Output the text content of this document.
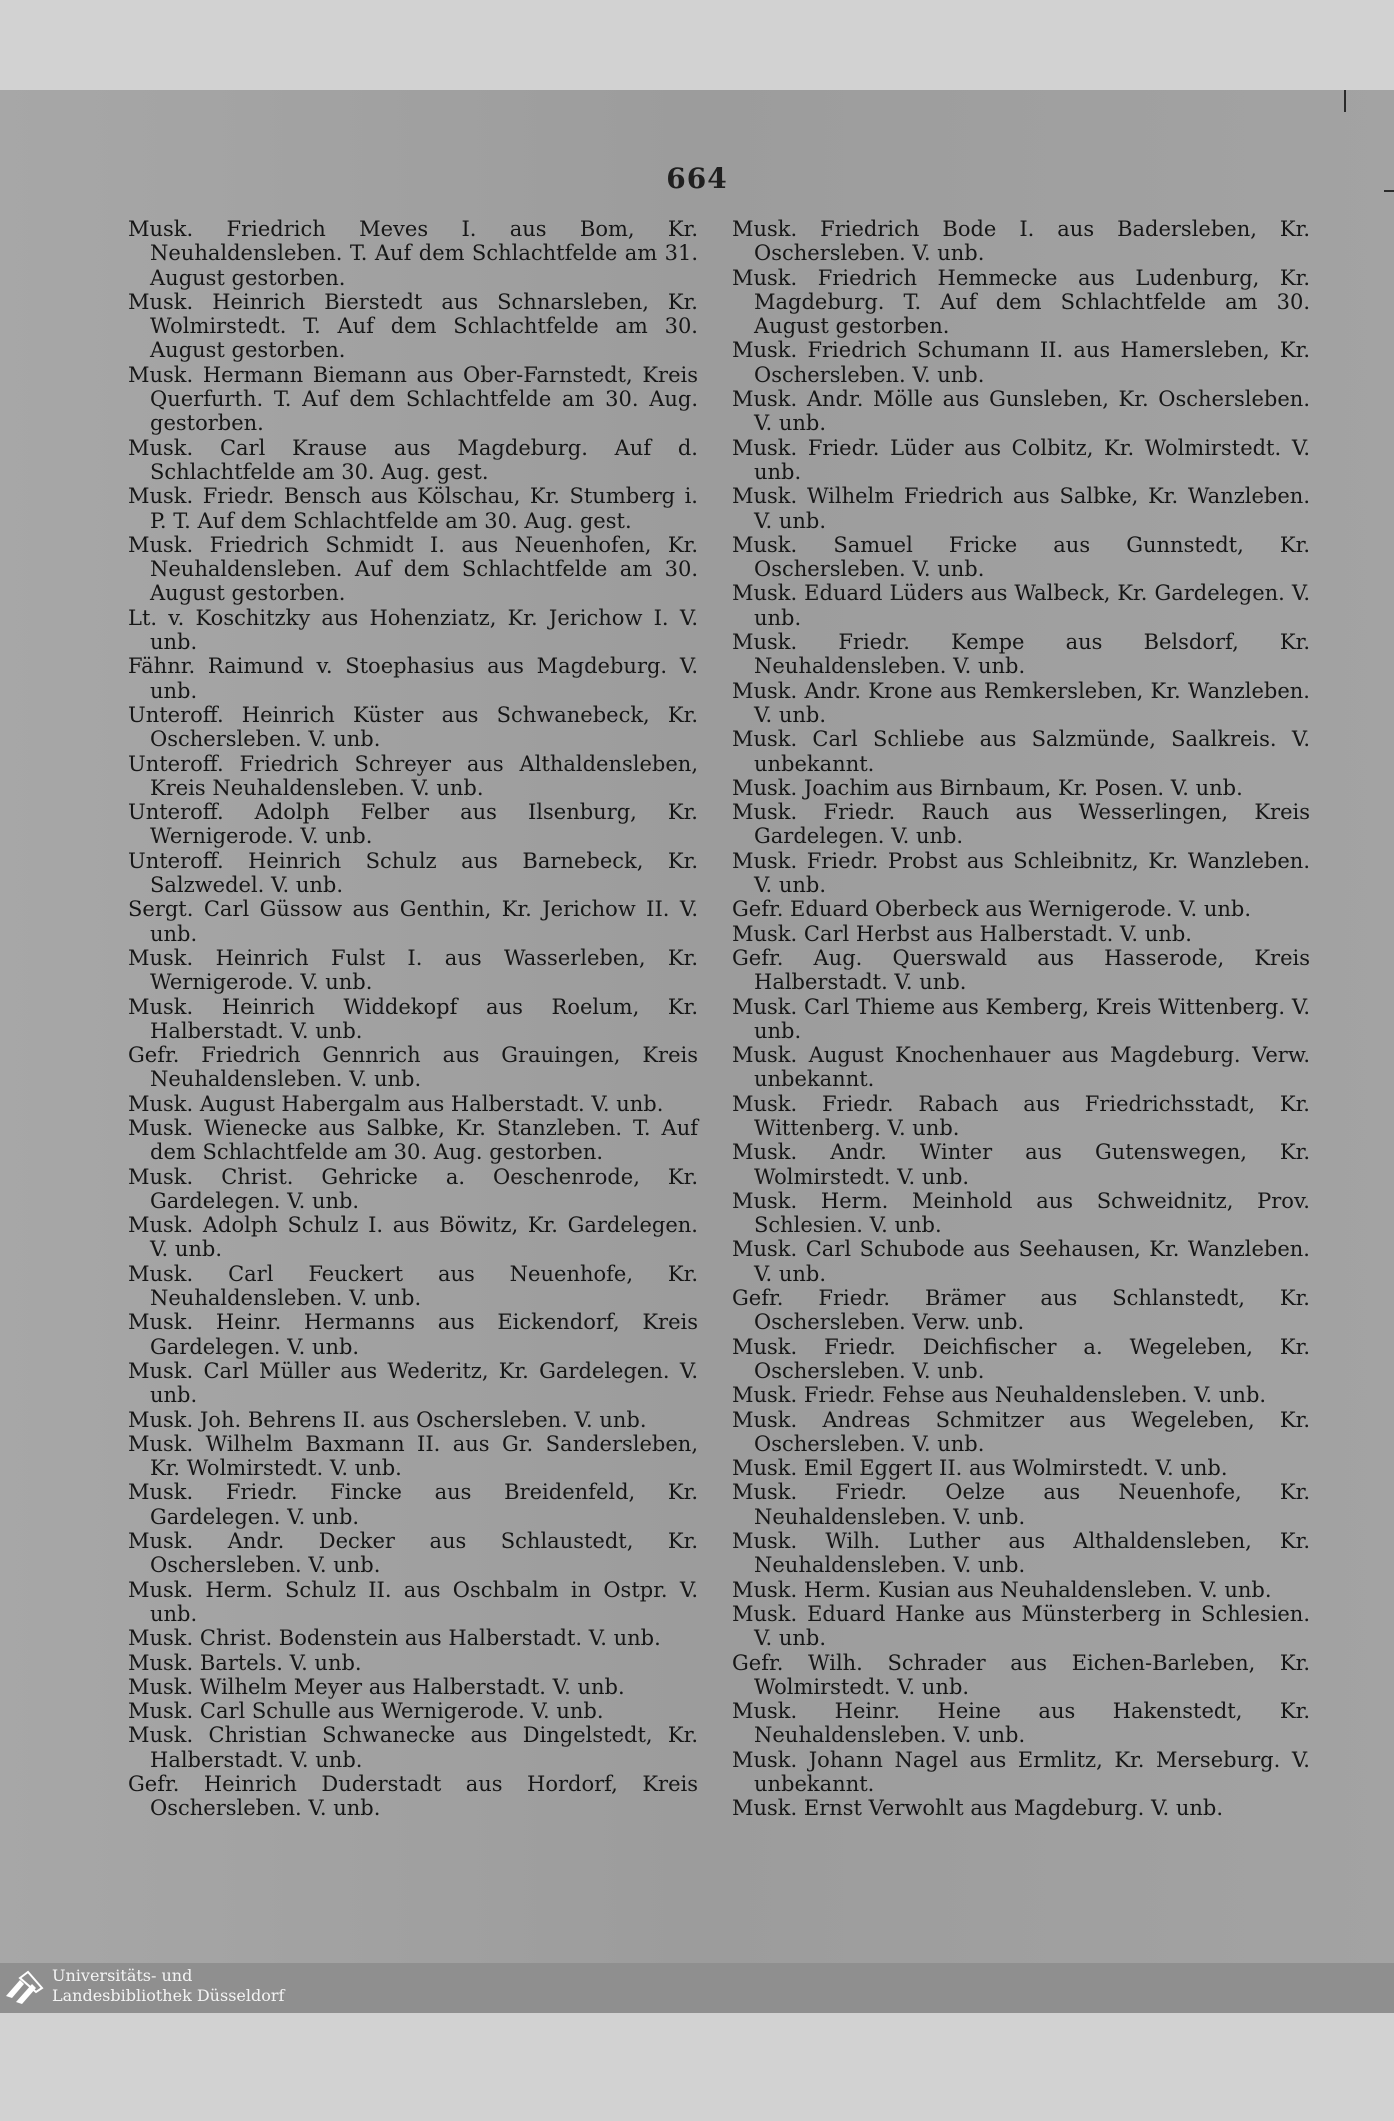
664

Musk. Friedrich Meves I. aus Bom, Kr. Neuhaldensleben. T. Auf dem Schlachtfelde am 31. August gestorben.

Musk. Heinrich Bierstedt aus Schnarsleben, Kr. Wolmirstedt. T. Auf dem Schlachtfelde am 30. August gestorben.

Musk. Hermann Biemann aus Ober-Farnstedt, Kreis Querfurth. T. Auf dem Schlachtfelde am 30. Aug. gestorben.

Musk. Carl Krause aus Magdeburg. Auf d. Schlachtfelde am 30. Aug. gest.

Musk. Friedr. Bensch aus Kölschau, Kr. Stumberg i. P. T. Auf dem Schlachtfelde am 30. Aug. gest.

Musk. Friedrich Schmidt I. aus Neuenhofen, Kr. Neuhaldensleben. Auf dem Schlachtfelde am 30. August gestorben.

Lt. v. Koschitzky aus Hohenziatz, Kr. Jerichow I. V. unb.

Fähnr. Raimund v. Stoephasius aus Magdeburg. V. unb.

Unteroff. Heinrich Küster aus Schwanebeck, Kr. Oschersleben. V. unb.

Unteroff. Friedrich Schreyer aus Althaldensleben, Kreis Neuhaldensleben. V. unb.

Unteroff. Adolph Felber aus Ilsenburg, Kr. Wernigerode. V. unb.

Unteroff. Heinrich Schulz aus Barnebeck, Kr. Salzwedel. V. unb.

Sergt. Carl Güssow aus Genthin, Kr. Jerichow II. V. unb.

Musk. Heinrich Fulst I. aus Wasserleben, Kr. Wernigerode. V. unb.

Musk. Heinrich Widdekopf aus Roelum, Kr. Halberstadt. V. unb.

Gefr. Friedrich Gennrich aus Grauingen, Kreis Neuhaldensleben. V. unb.

Musk. August Habergalm aus Halberstadt. V. unb.

Musk. Wienecke aus Salbke, Kr. Stanzleben. T. Auf dem Schlachtfelde am 30. Aug. gestorben.

Musk. Christ. Gehricke a. Oeschenrode, Kr. Gardelegen. V. unb.

Musk. Adolph Schulz I. aus Böwitz, Kr. Gardelegen. V. unb.

Musk. Carl Feuckert aus Neuenhofe, Kr. Neuhaldensleben. V. unb.

Musk. Heinr. Hermanns aus Eickendorf, Kreis Gardelegen. V. unb.

Musk. Carl Müller aus Wederitz, Kr. Gardelegen. V. unb.

Musk. Joh. Behrens II. aus Oschersleben. V. unb.

Musk. Wilhelm Baxmann II. aus Gr. Sandersleben, Kr. Wolmirstedt. V. unb.

Musk. Friedr. Fincke aus Breidenfeld, Kr. Gardelegen. V. unb.

Musk. Andr. Decker aus Schlaustedt, Kr. Oschersleben. V. unb.

Musk. Herm. Schulz II. aus Oschbalm in Ostpr. V. unb.

Musk. Christ. Bodenstein aus Halberstadt. V. unb.

Musk. Bartels. V. unb.

Musk. Wilhelm Meyer aus Halberstadt. V. unb.

Musk. Carl Schulle aus Wernigerode. V. unb.

Musk. Christian Schwanecke aus Dingelstedt, Kr. Halberstadt. V. unb.

Gefr. Heinrich Duderstadt aus Hordorf, Kreis Oschersleben. V. unb.

Musk. Friedrich Bode I. aus Badersleben, Kr. Oschersleben. V. unb.

Musk. Friedrich Hemmecke aus Ludenburg, Kr. Magdeburg. T. Auf dem Schlachtfelde am 30. August gestorben.

Musk. Friedrich Schumann II. aus Hamersleben, Kr. Oschersleben. V. unb.

Musk. Andr. Mölle aus Gunsleben, Kr. Oschersleben. V. unb.

Musk. Friedr. Lüder aus Colbitz, Kr. Wolmirstedt. V. unb.

Musk. Wilhelm Friedrich aus Salbke, Kr. Wanzleben. V. unb.

Musk. Samuel Fricke aus Gunnstedt, Kr. Oschersleben. V. unb.

Musk. Eduard Lüders aus Walbeck, Kr. Gardelegen. V. unb.

Musk. Friedr. Kempe aus Belsdorf, Kr. Neuhaldensleben. V. unb.

Musk. Andr. Krone aus Remkersleben, Kr. Wanzleben. V. unb.

Musk. Carl Schliebe aus Salzmünde, Saalkreis. V. unbekannt.

Musk. Joachim aus Birnbaum, Kr. Posen. V. unb.

Musk. Friedr. Rauch aus Wesserlingen, Kreis Gardelegen. V. unb.

Musk. Friedr. Probst aus Schleibnitz, Kr. Wanzleben. V. unb.

Gefr. Eduard Oberbeck aus Wernigerode. V. unb.

Musk. Carl Herbst aus Halberstadt. V. unb.

Gefr. Aug. Querswald aus Hasserode, Kreis Halberstadt. V. unb.

Musk. Carl Thieme aus Kemberg, Kreis Wittenberg. V. unb.

Musk. August Knochenhauer aus Magdeburg. Verw. unbekannt.

Musk. Friedr. Rabach aus Friedrichsstadt, Kr. Wittenberg. V. unb.

Musk. Andr. Winter aus Gutenswegen, Kr. Wolmirstedt. V. unb.

Musk. Herm. Meinhold aus Schweidnitz, Prov. Schlesien. V. unb.

Musk. Carl Schubode aus Seehausen, Kr. Wanzleben. V. unb.

Gefr. Friedr. Brämer aus Schlanstedt, Kr. Oschersleben. Verw. unb.

Musk. Friedr. Deichfischer a. Wegeleben, Kr. Oschersleben. V. unb.

Musk. Friedr. Fehse aus Neuhaldensleben. V. unb.

Musk. Andreas Schmitzer aus Wegeleben, Kr. Oschersleben. V. unb.

Musk. Emil Eggert II. aus Wolmirstedt. V. unb.

Musk. Friedr. Oelze aus Neuenhofe, Kr. Neuhaldensleben. V. unb.

Musk. Wilh. Luther aus Althaldensleben, Kr. Neuhaldensleben. V. unb.

Musk. Herm. Kusian aus Neuhaldensleben. V. unb.

Musk. Eduard Hanke aus Münsterberg in Schlesien. V. unb.

Gefr. Wilh. Schrader aus Eichen-Barleben, Kr. Wolmirstedt. V. unb.

Musk. Heinr. Heine aus Hakenstedt, Kr. Neuhaldensleben. V. unb.

Musk. Johann Nagel aus Ermlitz, Kr. Merseburg. V. unbekannt.

Musk. Ernst Verwohlt aus Magdeburg. V. unb.

Universitäts- und
Landesbibliothek Düsseldorf
